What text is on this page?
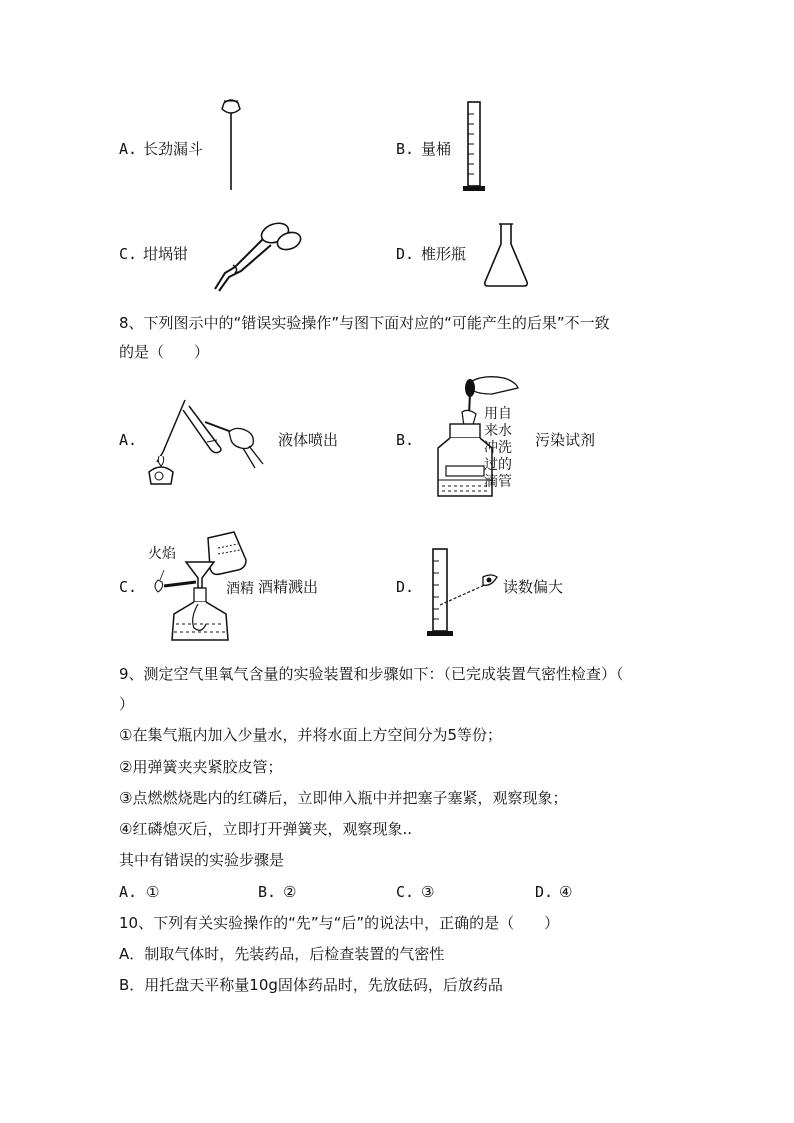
A. 长劲漏斗	B. 量桶
C. 坩埚钳	D. 椎形瓶
8、下列图示中的“错误实验操作”与图下面对应的“可能产生的后果”不一致
的是（　　）
A.	液体喷出	B.
用自
来水
冲洗
过的
滴管
污染试剂
C.
火焰
酒精 酒精溅出	D.	读数偏大
9、测定空气里氧气含量的实验装置和步骤如下：（已完成装置气密性检查）（
）
①在集气瓶内加入少量水，并将水面上方空间分为5等份；
②用弹簧夹夹紧胶皮管；
③点燃燃烧匙内的红磷后，立即伸入瓶中并把塞子塞紧，观察现象；
④红磷熄灭后，立即打开弹簧夹，观察现象..
其中有错误的实验步骤是
A. ①	B. ②	C. ③	D. ④
10、下列有关实验操作的“先”与“后”的说法中，正确的是（　　）
A．制取气体时，先装药品，后检查装置的气密性
B．用托盘天平称量10g固体药品时，先放砝码，后放药品
